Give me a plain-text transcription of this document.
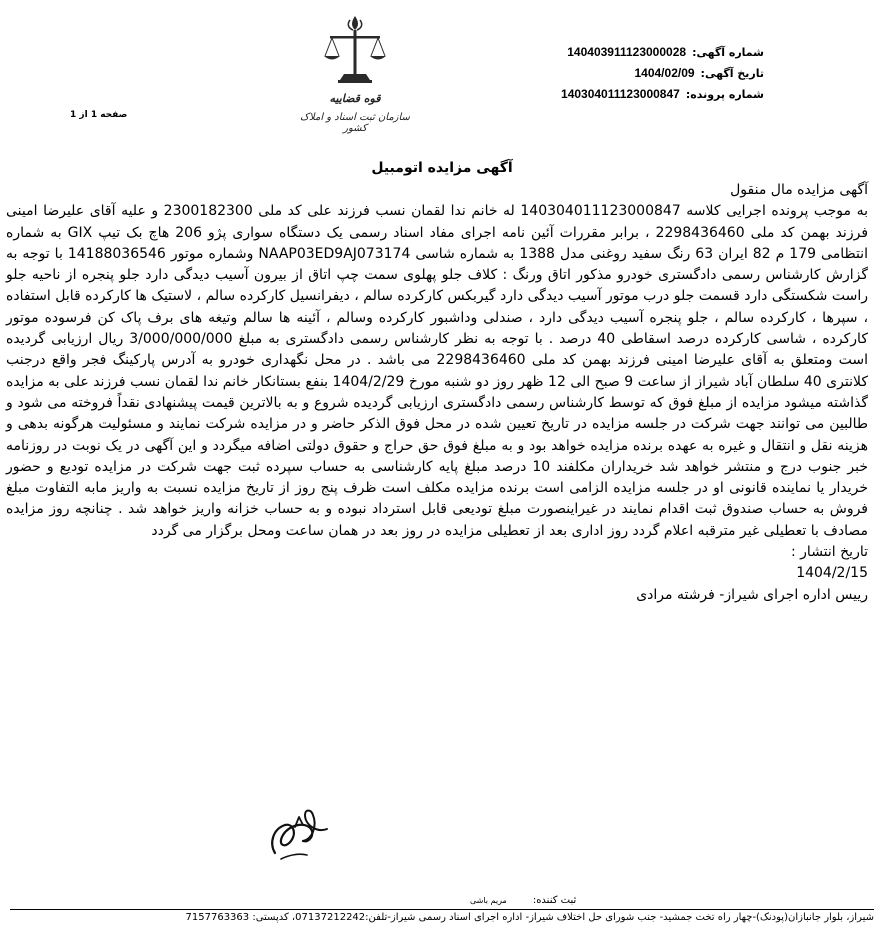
شماره آگهی:140403911123000028
تاریخ آگهی:1404/02/09
شماره پرونده:140304011123000847
قوه قضاییه
سازمان ثبت اسناد و املاک کشور
صفحه 1 از 1
آگهی مزایده اتومبیل

آگهی مزایده مال منقول

به موجب پرونده اجرایی کلاسه 140304011123000847 له خانم ندا لقمان نسب فرزند علی کد ملی 2300182300 و علیه آقای علیرضا امینی فرزند بهمن کد ملی 2298436460 ، برابر مقررات آئین نامه اجرای مفاد اسناد رسمی یک دستگاه سواری پژو 206 هاچ بک تیپ GIX به شماره انتظامی 179 م 82 ایران 63 رنگ سفید روغنی مدل 1388 به شماره شاسی NAAP03ED9AJ073174 وشماره موتور 14188036546 با توجه به گزارش کارشناس رسمی دادگستری خودرو مذکور اتاق ورنگ : کلاف جلو پهلوی سمت چپ اتاق از بیرون آسیب دیدگی دارد جلو پنجره از ناحیه جلو راست شکستگی دارد قسمت جلو درب موتور آسیب دیدگی دارد گیربکس کارکرده سالم ، دیفرانسیل کارکرده سالم ، لاستیک ها کارکرده قابل استفاده ، سپرها ، کارکرده سالم ، جلو پنجره آسیب دیدگی دارد ، صندلی وداشبور کارکرده وسالم ، آئینه ها سالم وتیغه های برف پاک کن فرسوده موتور کارکرده ، شاسی کارکرده درصد اسقاطی 40 درصد . با توجه به نظر کارشناس رسمی دادگستری به مبلغ 3/000/000/000 ریال ارزیابی گردیده است ومتعلق به آقای علیرضا امینی فرزند بهمن کد ملی 2298436460 می باشد . در محل نگهداری خودرو به آدرس پارکینگ فجر واقع درجنب کلانتری 40 سلطان آباد شیراز از ساعت 9 صبح الی 12 ظهر روز دو شنبه مورخ 1404/2/29 بنفع بستانکار خانم ندا لقمان نسب فرزند علی به مزایده گذاشته میشود مزایده از مبلغ فوق که توسط کارشناس رسمی دادگستری ارزیابی گردیده شروع و به بالاترین قیمت پیشنهادی نقداً فروخته می شود و طالبین می توانند جهت شرکت در جلسه مزایده در تاریخ تعیین شده در محل فوق الذکر حاضر و در مزایده شرکت نمایند و مسئولیت هرگونه بدهی و هزینه نقل و انتقال و غیره به عهده برنده مزایده خواهد بود و به مبلغ فوق حق حراج و حقوق دولتی اضافه میگردد و این آگهی در یک نوبت در روزنامه خبر جنوب درج و منتشر خواهد شد خریداران مکلفند 10 درصد مبلغ پایه کارشناسی به حساب سپرده ثبت جهت شرکت در مزایده تودیع و حضور خریدار یا نماینده قانونی او در جلسه مزایده الزامی است برنده مزایده مکلف است ظرف پنج روز از تاریخ مزایده نسبت به واریز مابه التفاوت مبلغ فروش به حساب صندوق ثبت اقدام نمایند در غیراینصورت مبلغ تودیعی قابل استرداد نبوده و به حساب خزانه واریز خواهد شد . چنانچه روز مزایده مصادف با تعطیلی غیر مترقبه اعلام گردد روز اداری بعد از تعطیلی مزایده در روز بعد در همان ساعت ومحل برگزار می گردد

تاریخ انتشار :

1404/2/15

رییس اداره اجرای شیراز- فرشته مرادی

ثبت کننده:مریم باشی
شیراز، بلوار جانبازان(پودنک)-چهار راه تخت جمشید- جنب شورای حل اختلاف شیراز- اداره اجرای اسناد رسمی شیراز-تلفن:07137212242، کدپستی: 7157763363
